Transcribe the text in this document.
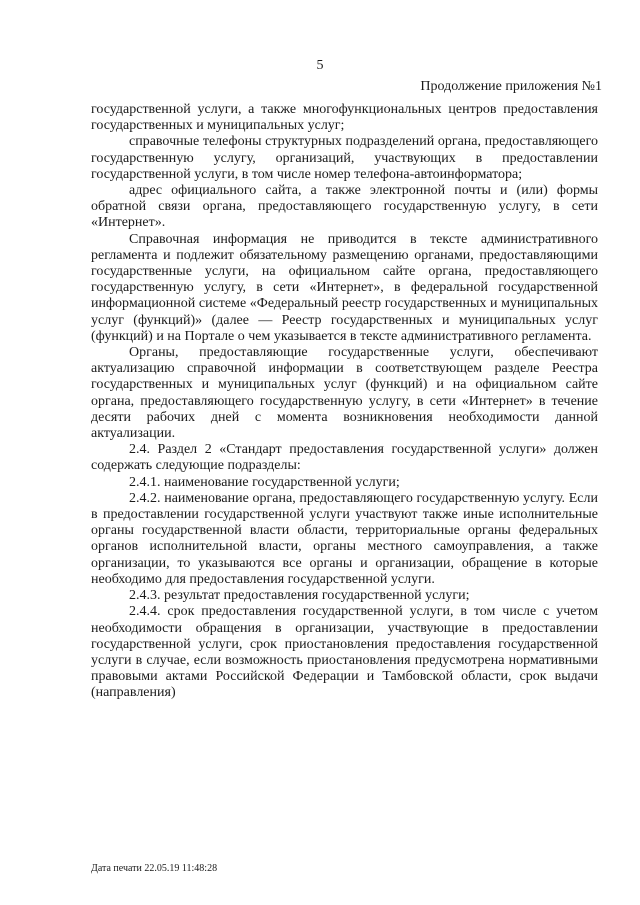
5
Продолжение приложения №1

государственной услуги, а также многофункциональных центров предоставления государственных и муниципальных услуг;

справочные телефоны структурных подразделений органа, предоставляющего государственную услугу, организаций, участвующих в предоставлении государственной услуги, в том числе номер телефона-автоинформатора;

адрес официального сайта, а также электронной почты и (или) формы обратной связи органа, предоставляющего государственную услугу, в сети «Интернет».

Справочная информация не приводится в тексте административного регламента и подлежит обязательному размещению органами, предоставляющими государственные услуги, на официальном сайте органа, предоставляющего государственную услугу, в сети «Интернет», в федеральной государственной информационной системе «Федеральный реестр государственных и муниципальных услуг (функций)» (далее — Реестр государственных и муниципальных услуг (функций) и на Портале о чем указывается в тексте административного регламента.

Органы, предоставляющие государственные услуги, обеспечивают актуализацию справочной информации в соответствующем разделе Реестра государственных и муниципальных услуг (функций) и на официальном сайте органа, предоставляющего государственную услугу, в сети «Интернет» в течение десяти рабочих дней с момента возникновения необходимости данной актуализации.

2.4. Раздел 2 «Стандарт предоставления государственной услуги» должен содержать следующие подразделы:

2.4.1. наименование государственной услуги;

2.4.2. наименование органа, предоставляющего государственную услугу. Если в предоставлении государственной услуги участвуют также иные исполнительные органы государственной власти области, территориальные органы федеральных органов исполнительной власти, органы местного самоуправления, а также организации, то указываются все органы и организации, обращение в которые необходимо для предоставления государственной услуги.

2.4.3. результат предоставления государственной услуги;

2.4.4. срок предоставления государственной услуги, в том числе с учетом необходимости обращения в организации, участвующие в предоставлении государственной услуги, срок приостановления предоставления государственной услуги в случае, если возможность приостановления предусмотрена нормативными правовыми актами Российской Федерации и Тамбовской области, срок выдачи (направления)

Дата печати 22.05.19 11:48:28
